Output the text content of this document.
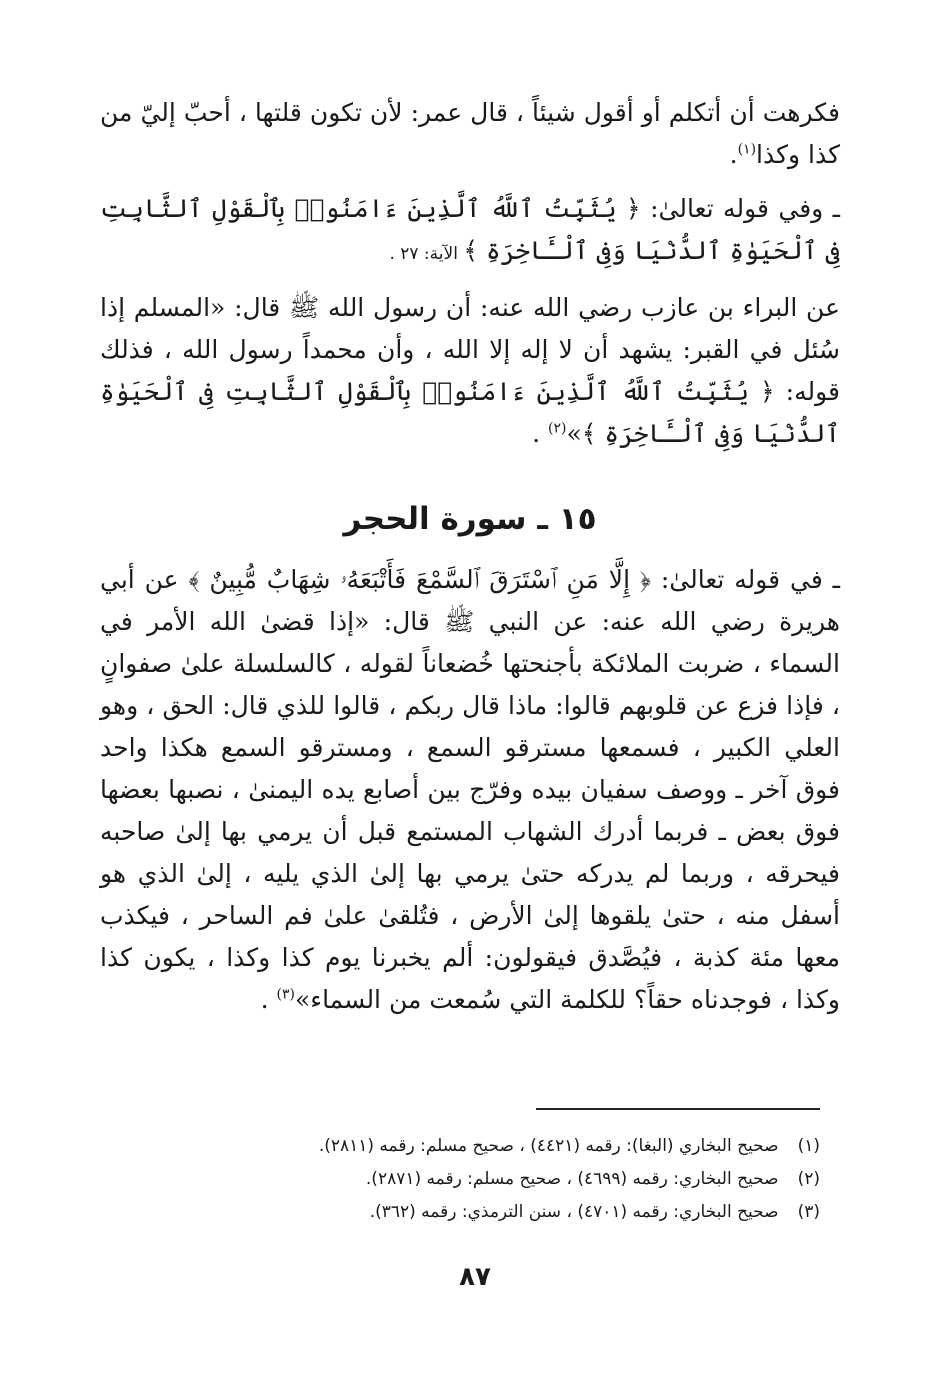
فكرهت أن أتكلم أو أقول شيئاً ، قال عمر: لأن تكون قلتها ، أحبّ إليّ من كذا وكذا$^{(١)}$.

ـ وفي قوله تعالىٰ: ﴿ يُثَبِّتُ ٱللَّهُ ٱلَّذِينَ ءَامَنُوا۟ بِٱلْقَوْلِ ٱلثَّابِتِ فِى ٱلْحَيَوٰةِ ٱلدُّنْيَا وَفِى ٱلْـَٔاخِرَةِ ﴾ الآية: ٢٧ .

عن البراء بن عازب رضي الله عنه: أن رسول الله ﷺ قال: «المسلم إذا سُئل في القبر: يشهد أن لا إله إلا الله ، وأن محمداً رسول الله ، فذلك قوله: ﴿ يُثَبِّتُ ٱللَّهُ ٱلَّذِينَ ءَامَنُوا۟ بِٱلْقَوْلِ ٱلثَّابِتِ فِى ٱلْحَيَوٰةِ ٱلدُّنْيَا وَفِى ٱلْـَٔاخِرَةِ ﴾»$^{(٢)}$ .

١٥ ـ سورة الحجر

ـ في قوله تعالىٰ: ﴿ إِلَّا مَنِ ٱسْتَرَقَ ٱلسَّمْعَ فَأَتْبَعَهُۥ شِهَابٌ مُّبِينٌ ﴾ عن أبي هريرة رضي الله عنه: عن النبي ﷺ قال: «إذا قضىٰ الله الأمر في السماء ، ضربت الملائكة بأجنحتها خُضعاناً لقوله ، كالسلسلة علىٰ صفوانٍ ، فإذا فزع عن قلوبهم قالوا: ماذا قال ربكم ، قالوا للذي قال: الحق ، وهو العلي الكبير ، فسمعها مسترقو السمع ، ومسترقو السمع هكذا واحد فوق آخر ـ ووصف سفيان بيده وفرّج بين أصابع يده اليمنىٰ ، نصبها بعضها فوق بعض ـ فربما أدرك الشهاب المستمع قبل أن يرمي بها إلىٰ صاحبه فيحرقه ، وربما لم يدركه حتىٰ يرمي بها إلىٰ الذي يليه ، إلىٰ الذي هو أسفل منه ، حتىٰ يلقوها إلىٰ الأرض ، فتُلقىٰ علىٰ فم الساحر ، فيكذب معها مئة كذبة ، فيُصَّدق فيقولون: ألم يخبرنا يوم كذا وكذا ، يكون كذا وكذا ، فوجدناه حقاً؟ للكلمة التي سُمعت من السماء»$^{(٣)}$ .

(١) صحيح البخاري (البغا): رقمه (٤٤٢١) ، صحيح مسلم: رقمه (٢٨١١).
(٢) صحيح البخاري: رقمه (٤٦٩٩) ، صحيح مسلم: رقمه (٢٨٧١).
(٣) صحيح البخاري: رقمه (٤٧٠١) ، سنن الترمذي: رقمه (٣٦٢).
٨٧
